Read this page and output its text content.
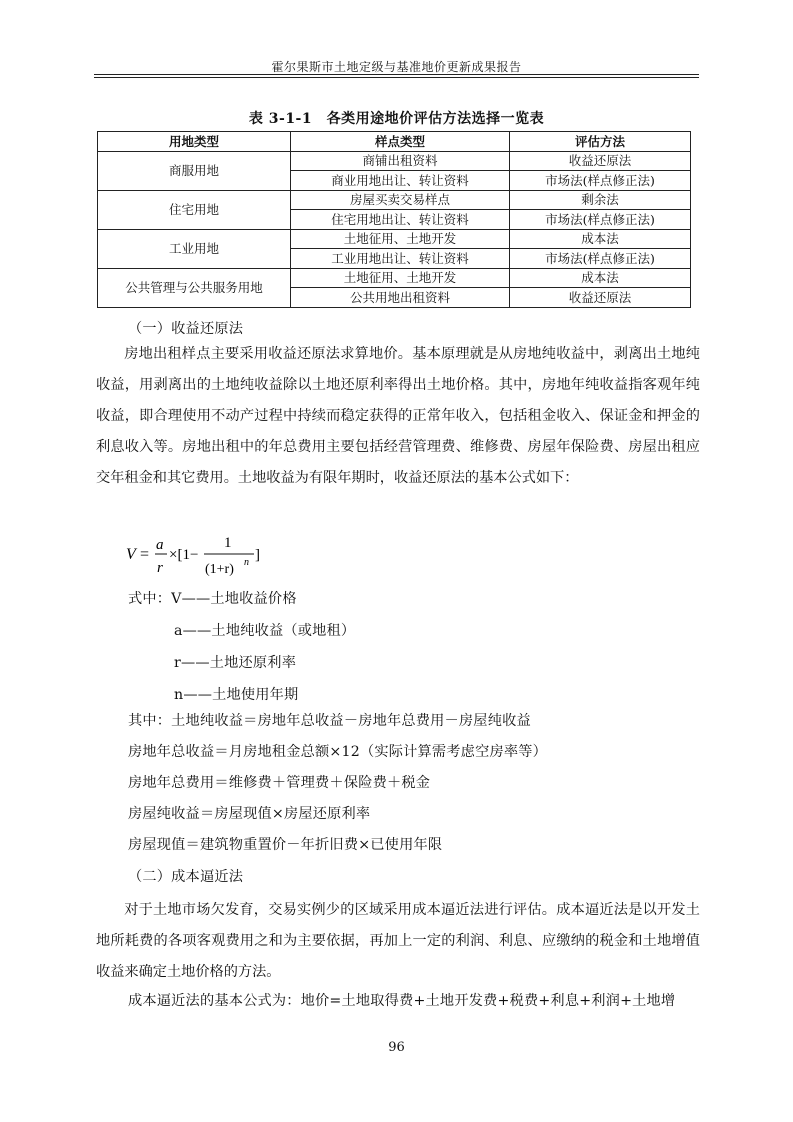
霍尔果斯市土地定级与基准地价更新成果报告
表 3-1-1　各类用途地价评估方法选择一览表
用地类型	样点类型	评估方法
商服用地	商铺出租资料	收益还原法
	商业用地出让、转让资料	市场法(样点修正法)
住宅用地	房屋买卖交易样点	剩余法
	住宅用地出让、转让资料	市场法(样点修正法)
工业用地	土地征用、土地开发	成本法
	工业用地出让、转让资料	市场法(样点修正法)
公共管理与公共服务用地	土地征用、土地开发	成本法
	公共用地出租资料	收益还原法
（一）收益还原法
房地出租样点主要采用收益还原法求算地价。基本原理就是从房地纯收益中，剥离出土地纯收益，用剥离出的土地纯收益除以土地还原利率得出土地价格。其中，房地年纯收益指客观年纯收益，即合理使用不动产过程中持续而稳定获得的正常年收入，包括租金收入、保证金和押金的利息收入等。房地出租中的年总费用主要包括经营管理费、维修费、房屋年保险费、房屋出租应交年租金和其它费用。土地收益为有限年期时，收益还原法的基本公式如下：
V =
a
r
×[1−
1
(1+r) n ]
式中：V——土地收益价格
a——土地纯收益（或地租）
r——土地还原利率
n——土地使用年期
其中：土地纯收益＝房地年总收益－房地年总费用－房屋纯收益
房地年总收益＝月房地租金总额×12（实际计算需考虑空房率等）
房地年总费用＝维修费＋管理费＋保险费＋税金
房屋纯收益＝房屋现值×房屋还原利率
房屋现值＝建筑物重置价－年折旧费×已使用年限
（二）成本逼近法
对于土地市场欠发育，交易实例少的区域采用成本逼近法进行评估。成本逼近法是以开发土地所耗费的各项客观费用之和为主要依据，再加上一定的利润、利息、应缴纳的税金和土地增值收益来确定土地价格的方法。
成本逼近法的基本公式为：地价=土地取得费+土地开发费+税费+利息+利润+土地增
96
